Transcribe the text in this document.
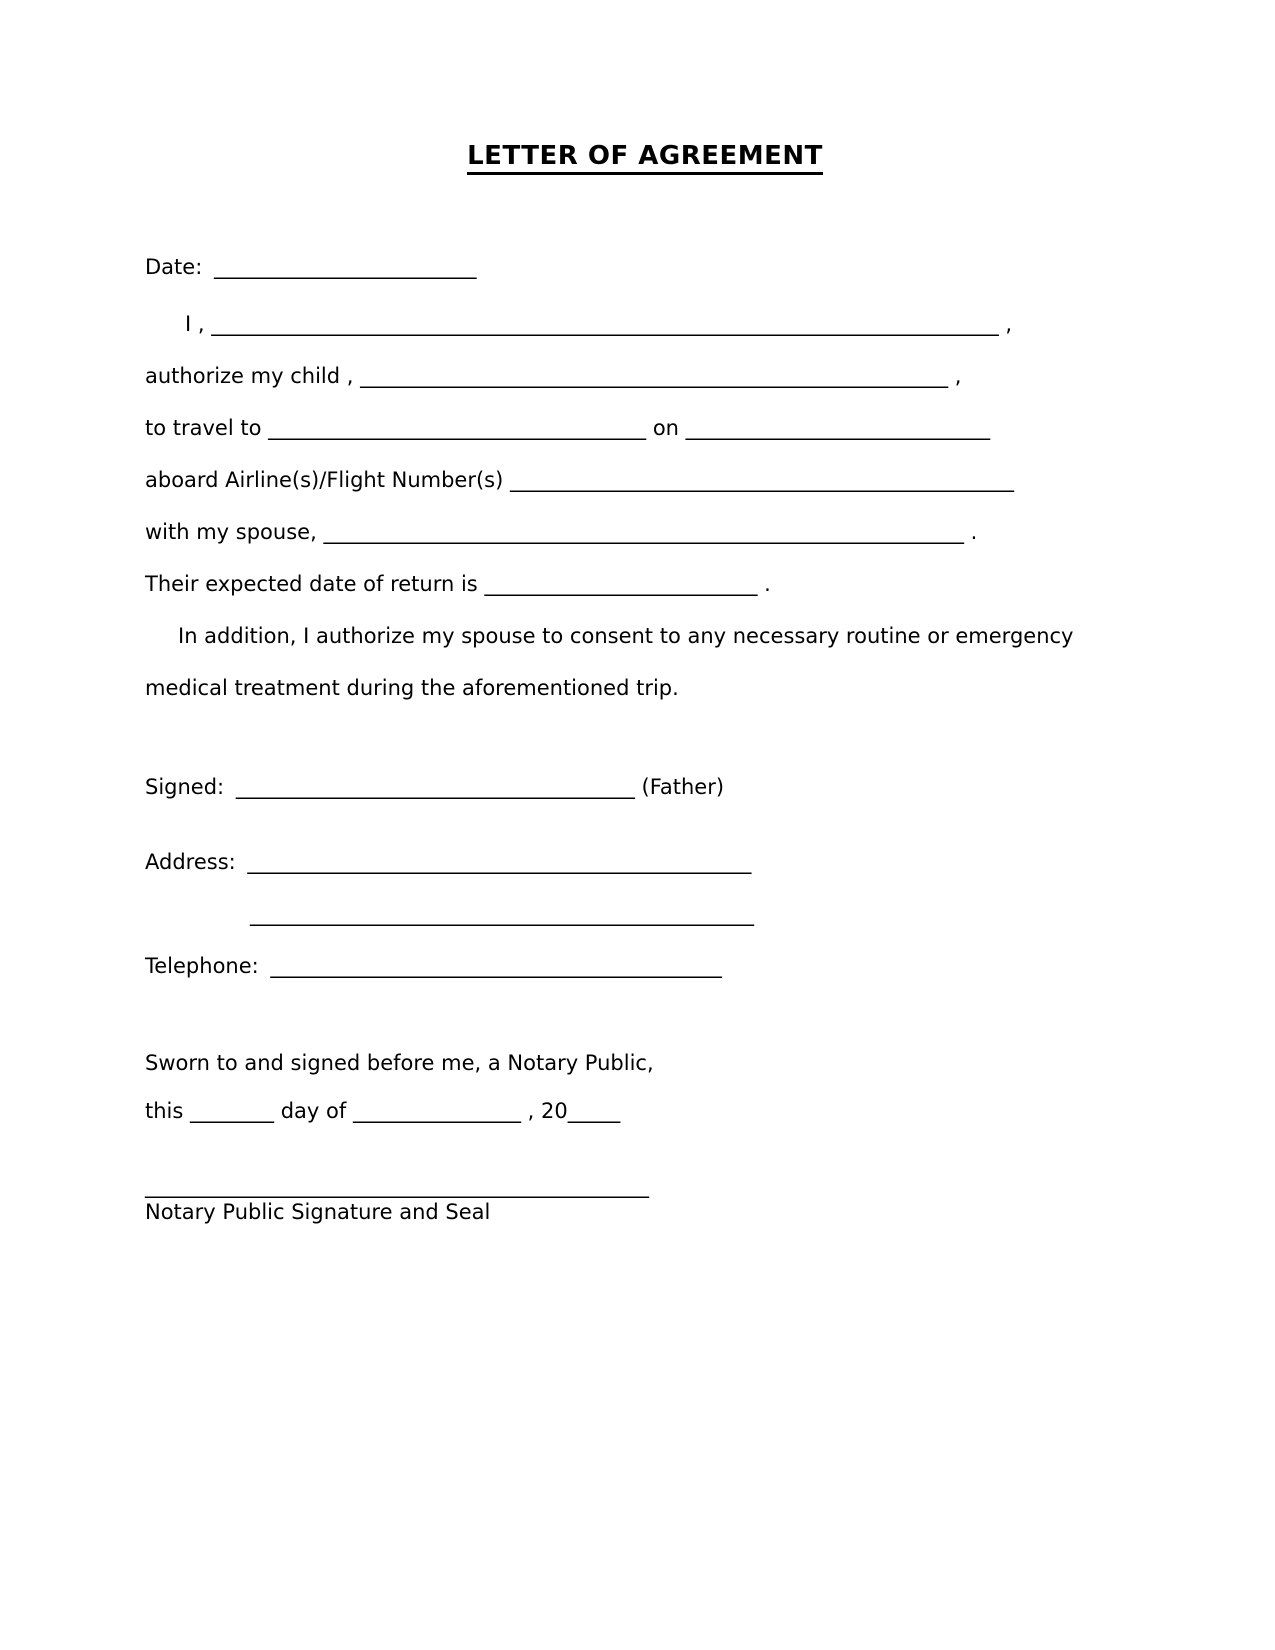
LETTER OF AGREEMENT
Date: _________________________
I , ___________________________________________________________________________ ,
authorize my child , ________________________________________________________ ,
to travel to ____________________________________ on _____________________________
aboard Airline(s)/Flight Number(s) ________________________________________________
with my spouse, _____________________________________________________________ .
Their expected date of return is __________________________ .
In addition, I authorize my spouse to consent to any necessary routine or emergency
medical treatment during the aforementioned trip.
Signed: ______________________________________ (Father)
Address: ________________________________________________
________________________________________________
Telephone: ___________________________________________
Sworn to and signed before me, a Notary Public,
this ________ day of ________________ , 20_____
________________________________________________
Notary Public Signature and Seal
